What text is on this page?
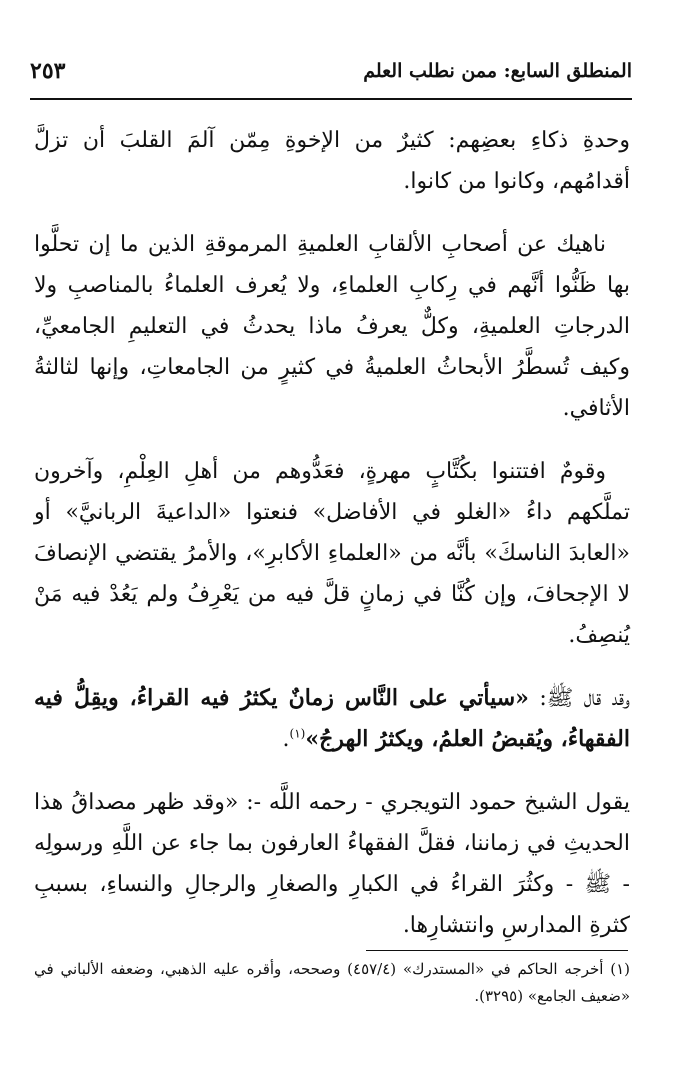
المنطلق السابع: ممن نطلب العلم
٢٥٣

وحدةِ ذكاءِ بعضِهم: كثيرٌ من الإخوةِ مِمّن آلمَ القلبَ أن تزلَّ أقدامُهم، وكانوا من كانوا.

ناهيك عن أصحابِ الألقابِ العلميةِ المرموقةِ الذين ما إن تحلَّوا بها ظَنُّوا أنَّهم في رِكابِ العلماءِ، ولا يُعرف العلماءُ بالمناصبِ ولا الدرجاتِ العلميةِ، وكلٌّ يعرفُ ماذا يحدثُ في التعليمِ الجامعيِّ، وكيف تُسطَّرُ الأبحاثُ العلميةُ في كثيرٍ من الجامعاتِ، وإنها لثالثةُ الأثافي.

وقومٌ افتتنوا بكُتَّابٍ مهرةٍ، فعَدُّوهم من أهلِ العِلْمِ، وآخرون تملَّكهم داءُ «الغلو في الأفاضل» فنعتوا «الداعيةَ الربانيَّ» أو «العابدَ الناسكَ» بأنَّه من «العلماءِ الأكابرِ»، والأمرُ يقتضي الإنصافَ لا الإجحافَ، وإن كُنَّا في زمانٍ قلَّ فيه من يَعْرِفُ ولم يَعُدْ فيه مَنْ يُنصِفُ.

وقد قال ﷺ: «سيأتي على النَّاس زمانٌ يكثرُ فيه القراءُ، ويقِلُّ فيه الفقهاءُ، ويُقبضُ العلمُ، ويكثرُ الهرجُ»$^{(١)}$.

يقول الشيخ حمود التويجري - رحمه اللَّه -: «وقد ظهر مصداقُ هذا الحديثِ في زماننا، فقلَّ الفقهاءُ العارفون بما جاء عن اللَّهِ ورسولِه - ﷺ - وكثُرَ القراءُ في الكبارِ والصغارِ والرجالِ والنساءِ، بسببِ كثرةِ المدارسِ وانتشارِها.

(١) أخرجه الحاكم في «المستدرك» (٤٥٧/٤) وصححه، وأقره عليه الذهبي، وضعفه الألباني في «ضعيف الجامع» (٣٢٩٥).
